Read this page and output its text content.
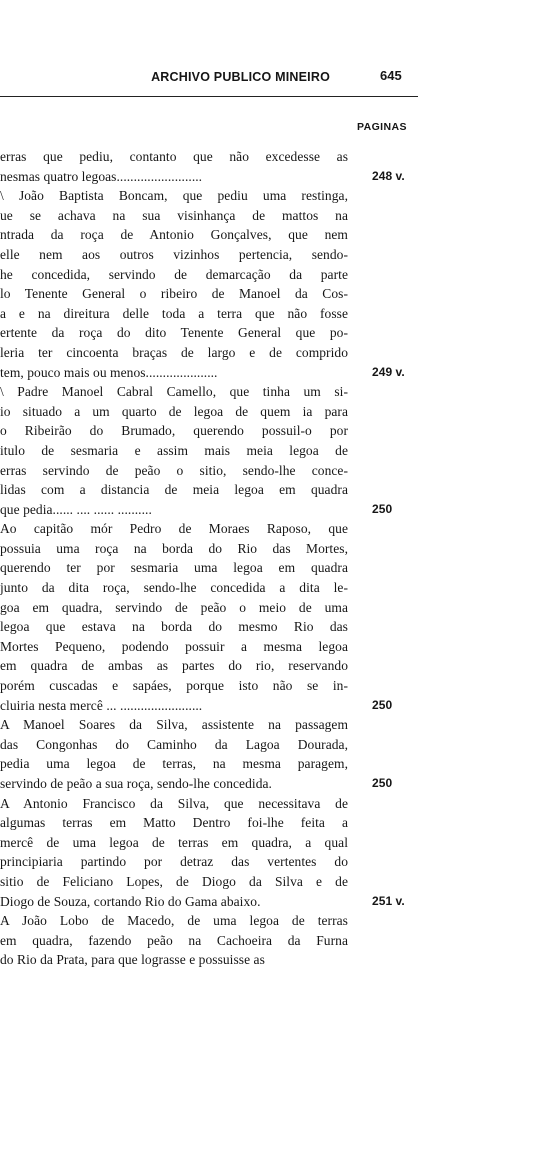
ARCHIVO PUBLICO MINEIRO	645
PAGINAS
erras que pediu, contanto que não excedesse as
nesmas quatro legoas.........................	248 v.
\ João Baptista Boncam, que pediu uma restinga,
ue se achava na sua visinhança de mattos na
ntrada da roça de Antonio Gonçalves, que nem
elle nem aos outros vizinhos pertencia, sendo-
he concedida, servindo de demarcação da parte
lo Tenente General o ribeiro de Manoel da Cos-
a e na direitura delle toda a terra que não fosse
ertente da roça do dito Tenente General que po-
leria ter cincoenta braças de largo e de comprido
tem, pouco mais ou menos.....................	249 v.
\ Padre Manoel Cabral Camello, que tinha um si-
io situado a um quarto de legoa de quem ia para
o Ribeirão do Brumado, querendo possuil-o por
itulo de sesmaria e assim mais meia legoa de
erras servindo de peão o sitio, sendo-lhe conce-
lidas com a distancia de meia legoa em quadra
que pedia...... .... ...... ..........	250
Ao capitão mór Pedro de Moraes Raposo, que
possuia uma roça na borda do Rio das Mortes,
querendo ter por sesmaria uma legoa em quadra
junto da dita roça, sendo-lhe concedida a dita le-
goa em quadra, servindo de peão o meio de uma
legoa que estava na borda do mesmo Rio das
Mortes Pequeno, podendo possuir a mesma legoa
em quadra de ambas as partes do rio, reservando
porém cuscadas e sapáes, porque isto não se in-
cluiria nesta mercê ... ........................	250
A Manoel Soares da Silva, assistente na passagem
das Congonhas do Caminho da Lagoa Dourada,
pedia uma legoa de terras, na mesma paragem,
servindo de peão a sua roça, sendo-lhe concedida.	250
A Antonio Francisco da Silva, que necessitava de
algumas terras em Matto Dentro foi-lhe feita a
mercê de uma legoa de terras em quadra, a qual
principiaria partindo por detraz das vertentes do
sitio de Feliciano Lopes, de Diogo da Silva e de
Diogo de Souza, cortando Rio do Gama abaixo.	251 v.
A João Lobo de Macedo, de uma legoa de terras
em quadra, fazendo peão na Cachoeira da Furna
do Rio da Prata, para que lograsse e possuisse as
